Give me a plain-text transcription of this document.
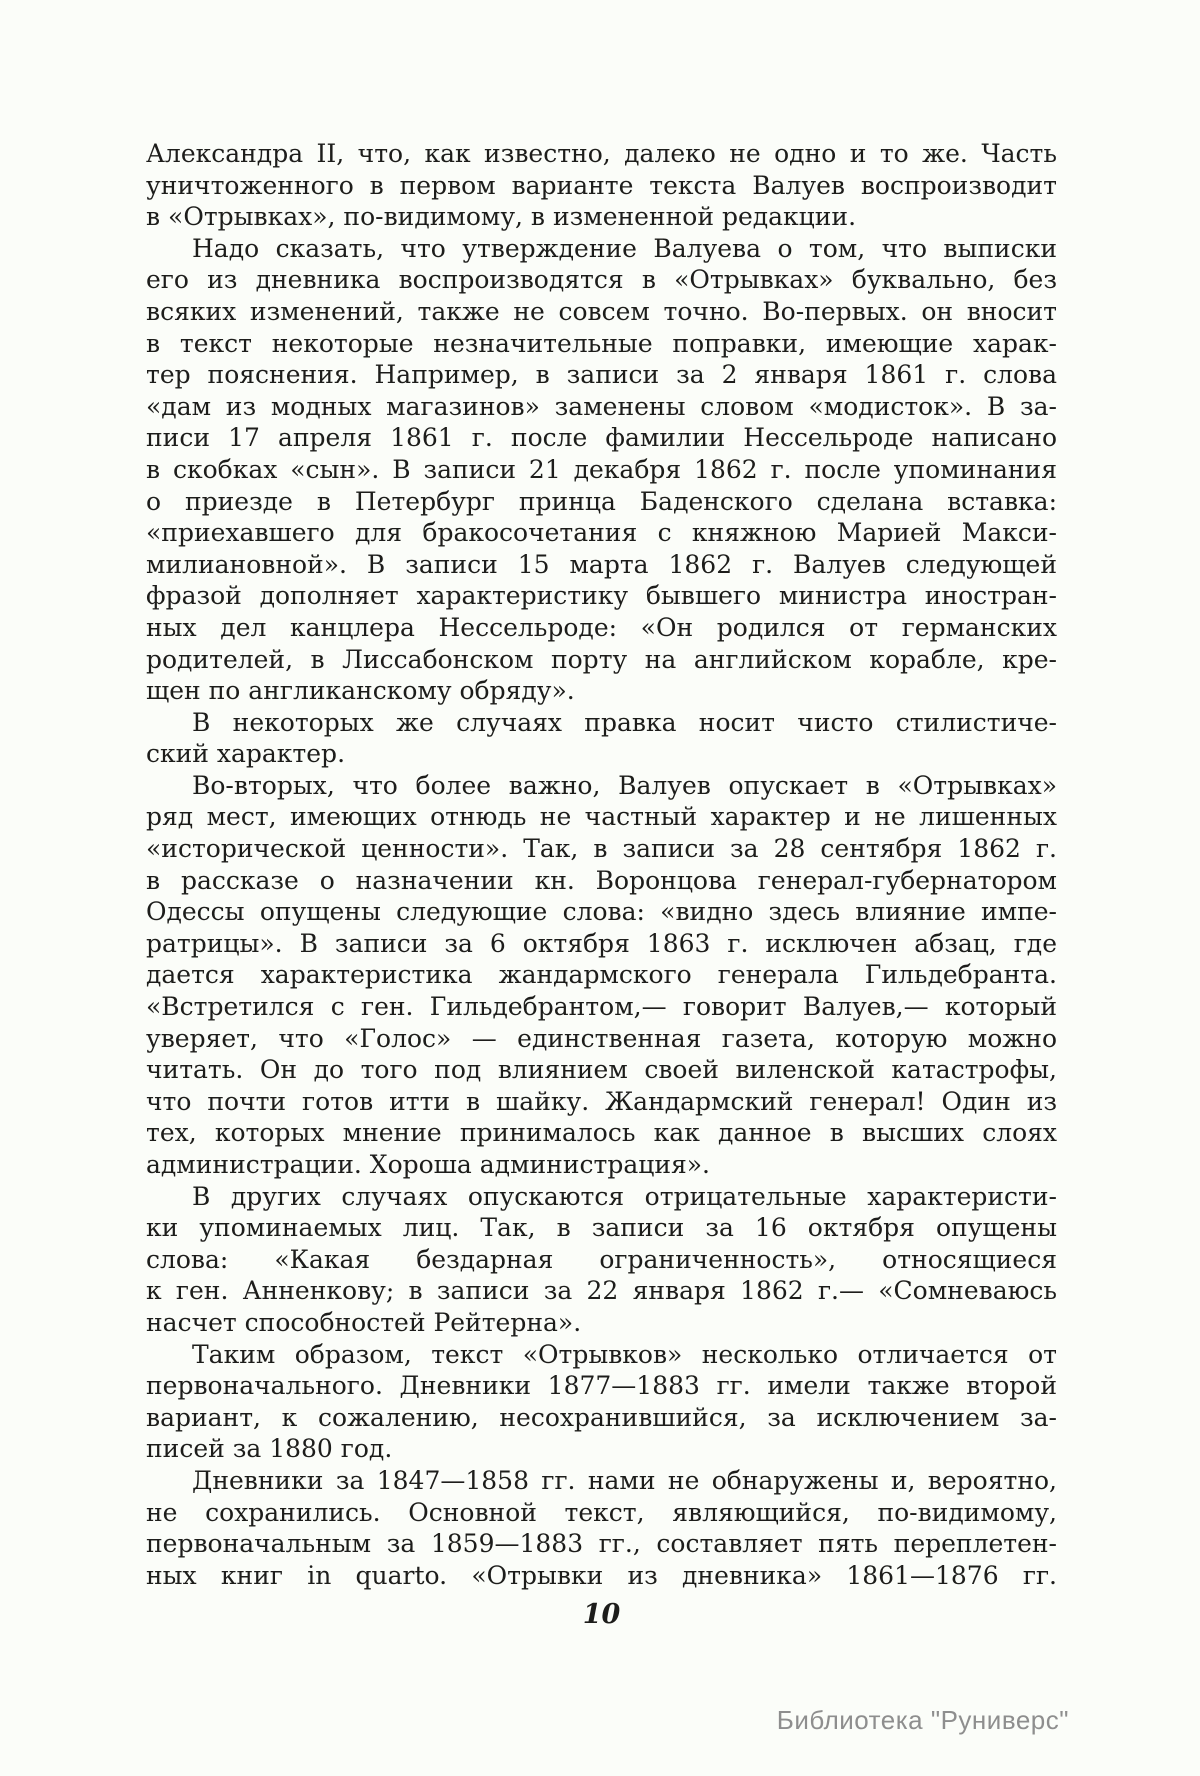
Александра II, что, как известно, далеко не одно и то же. Часть
уничтоженного в первом варианте текста Валуев воспроизводит
в «Отрывках», по-видимому, в измененной редакции.
Надо сказать, что утверждение Валуева о том, что выписки
его из дневника воспроизводятся в «Отрывках» буквально, без
всяких изменений, также не совсем точно. Во-первых. он вносит
в текст некоторые незначительные поправки, имеющие харак-
тер пояснения. Например, в записи за 2 января 1861 г. слова
«дам из модных магазинов» заменены словом «модисток». В за-
писи 17 апреля 1861 г. после фамилии Нессельроде написано
в скобках «сын». В записи 21 декабря 1862 г. после упоминания
о приезде в Петербург принца Баденского сделана вставка:
«приехавшего для бракосочетания с княжною Марией Макси-
милиановной». В записи 15 марта 1862 г. Валуев следующей
фразой дополняет характеристику бывшего министра иностран-
ных дел канцлера Нессельроде: «Он родился от германских
родителей, в Лиссабонском порту на английском корабле, кре-
щен по англиканскому обряду».
В некоторых же случаях правка носит чисто стилистиче-
ский характер.
Во-вторых, что более важно, Валуев опускает в «Отрывках»
ряд мест, имеющих отнюдь не частный характер и не лишенных
«исторической ценности». Так, в записи за 28 сентября 1862 г.
в рассказе о назначении кн. Воронцова генерал-губернатором
Одессы опущены следующие слова: «видно здесь влияние импе-
ратрицы». В записи за 6 октября 1863 г. исключен абзац, где
дается характеристика жандармского генерала Гильдебранта.
«Встретился с ген. Гильдебрантом,— говорит Валуев,— который
уверяет, что «Голос» — единственная газета, которую можно
читать. Он до того под влиянием своей виленской катастрофы,
что почти готов итти в шайку. Жандармский генерал! Один из
тех, которых мнение принималось как данное в высших слоях
администрации. Хороша администрация».
В других случаях опускаются отрицательные характеристи-
ки упоминаемых лиц. Так, в записи за 16 октября опущены
слова: «Какая бездарная ограниченность», относящиеся
к ген. Анненкову; в записи за 22 января 1862 г.— «Сомневаюсь
насчет способностей Рейтерна».
Таким образом, текст «Отрывков» несколько отличается от
первоначального. Дневники 1877—1883 гг. имели также второй
вариант, к сожалению, несохранившийся, за исключением за-
писей за 1880 год.
Дневники за 1847—1858 гг. нами не обнаружены и, вероятно,
не сохранились. Основной текст, являющийся, по-видимому,
первоначальным за 1859—1883 гг., составляет пять переплетен-
ных книг in quarto. «Отрывки из дневника» 1861—1876 гг.
10
Библиотека "Руниверс"
